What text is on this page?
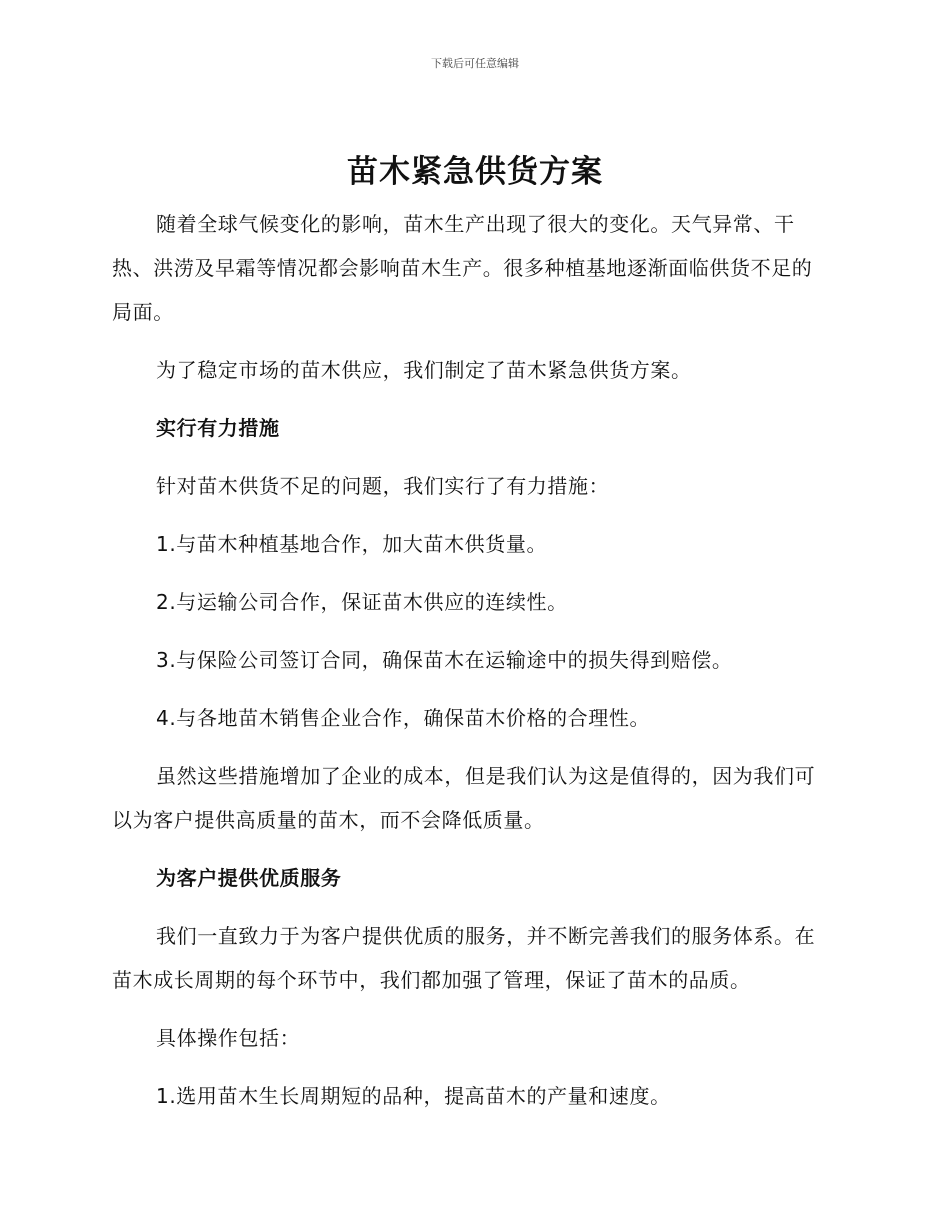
下载后可任意编辑
苗木紧急供货方案

随着全球气候变化的影响，苗木生产出现了很大的变化。天气异常、干热、洪涝及早霜等情况都会影响苗木生产。很多种植基地逐渐面临供货不足的局面。

为了稳定市场的苗木供应，我们制定了苗木紧急供货方案。

实行有力措施

针对苗木供货不足的问题，我们实行了有力措施：

1.与苗木种植基地合作，加大苗木供货量。

2.与运输公司合作，保证苗木供应的连续性。

3.与保险公司签订合同，确保苗木在运输途中的损失得到赔偿。

4.与各地苗木销售企业合作，确保苗木价格的合理性。

虽然这些措施增加了企业的成本，但是我们认为这是值得的，因为我们可以为客户提供高质量的苗木，而不会降低质量。

为客户提供优质服务

我们一直致力于为客户提供优质的服务，并不断完善我们的服务体系。在苗木成长周期的每个环节中，我们都加强了管理，保证了苗木的品质。

具体操作包括：

1.选用苗木生长周期短的品种，提高苗木的产量和速度。
